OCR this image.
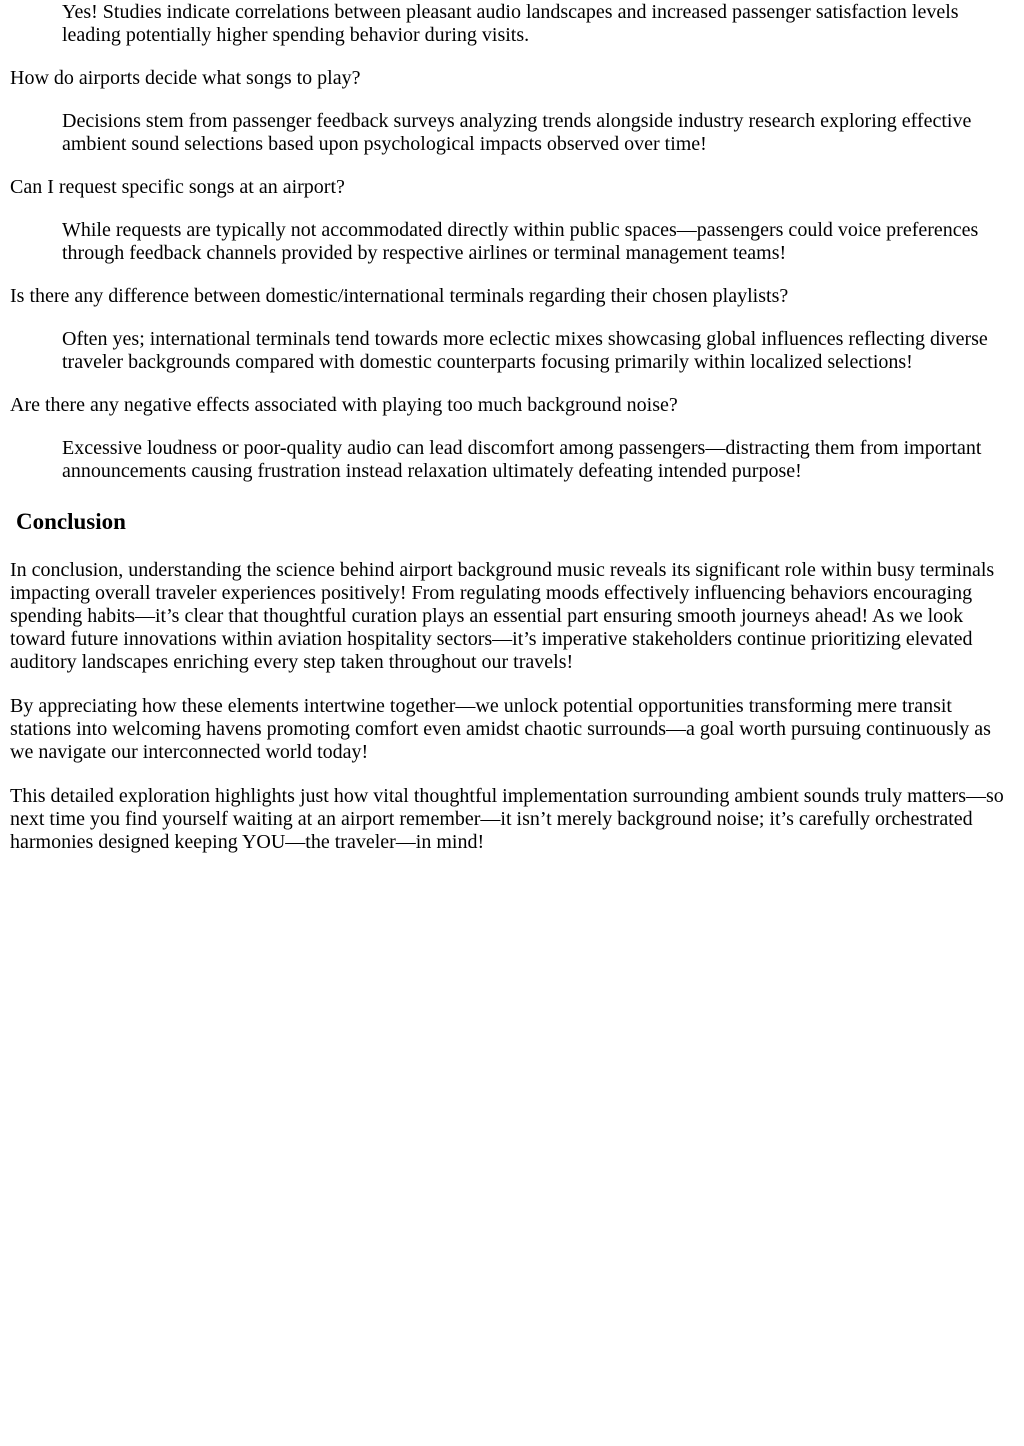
Yes! Studies indicate correlations between pleasant audio landscapes and increased passenger satisfaction levels leading potentially higher spending behavior during visits.
How do airports decide what songs to play?
Decisions stem from passenger feedback surveys analyzing trends alongside industry research exploring effective ambient sound selections based upon psychological impacts observed over time!
Can I request specific songs at an airport?
While requests are typically not accommodated directly within public spaces—passengers could voice preferences through feedback channels provided by respective airlines or terminal management teams!
Is there any difference between domestic/international terminals regarding their chosen playlists?
Often yes; international terminals tend towards more eclectic mixes showcasing global influences reflecting diverse traveler backgrounds compared with domestic counterparts focusing primarily within localized selections!
Are there any negative effects associated with playing too much background noise?
Excessive loudness or poor-quality audio can lead discomfort among passengers—distracting them from important announcements causing frustration instead relaxation ultimately defeating intended purpose!
Conclusion

In conclusion, understanding the science behind airport background music reveals its significant role within busy terminals impacting overall traveler experiences positively! From regulating moods effectively influencing behaviors encouraging spending habits—it’s clear that thoughtful curation plays an essential part ensuring smooth journeys ahead! As we look toward future innovations within aviation hospitality sectors—it’s imperative stakeholders continue prioritizing elevated auditory landscapes enriching every step taken throughout our travels!

By appreciating how these elements intertwine together—we unlock potential opportunities transforming mere transit stations into welcoming havens promoting comfort even amidst chaotic surrounds—a goal worth pursuing continuously as we navigate our interconnected world today!

This detailed exploration highlights just how vital thoughtful implementation surrounding ambient sounds truly matters—so next time you find yourself waiting at an airport remember—it isn’t merely background noise; it’s carefully orchestrated harmonies designed keeping YOU—the traveler—in mind!
